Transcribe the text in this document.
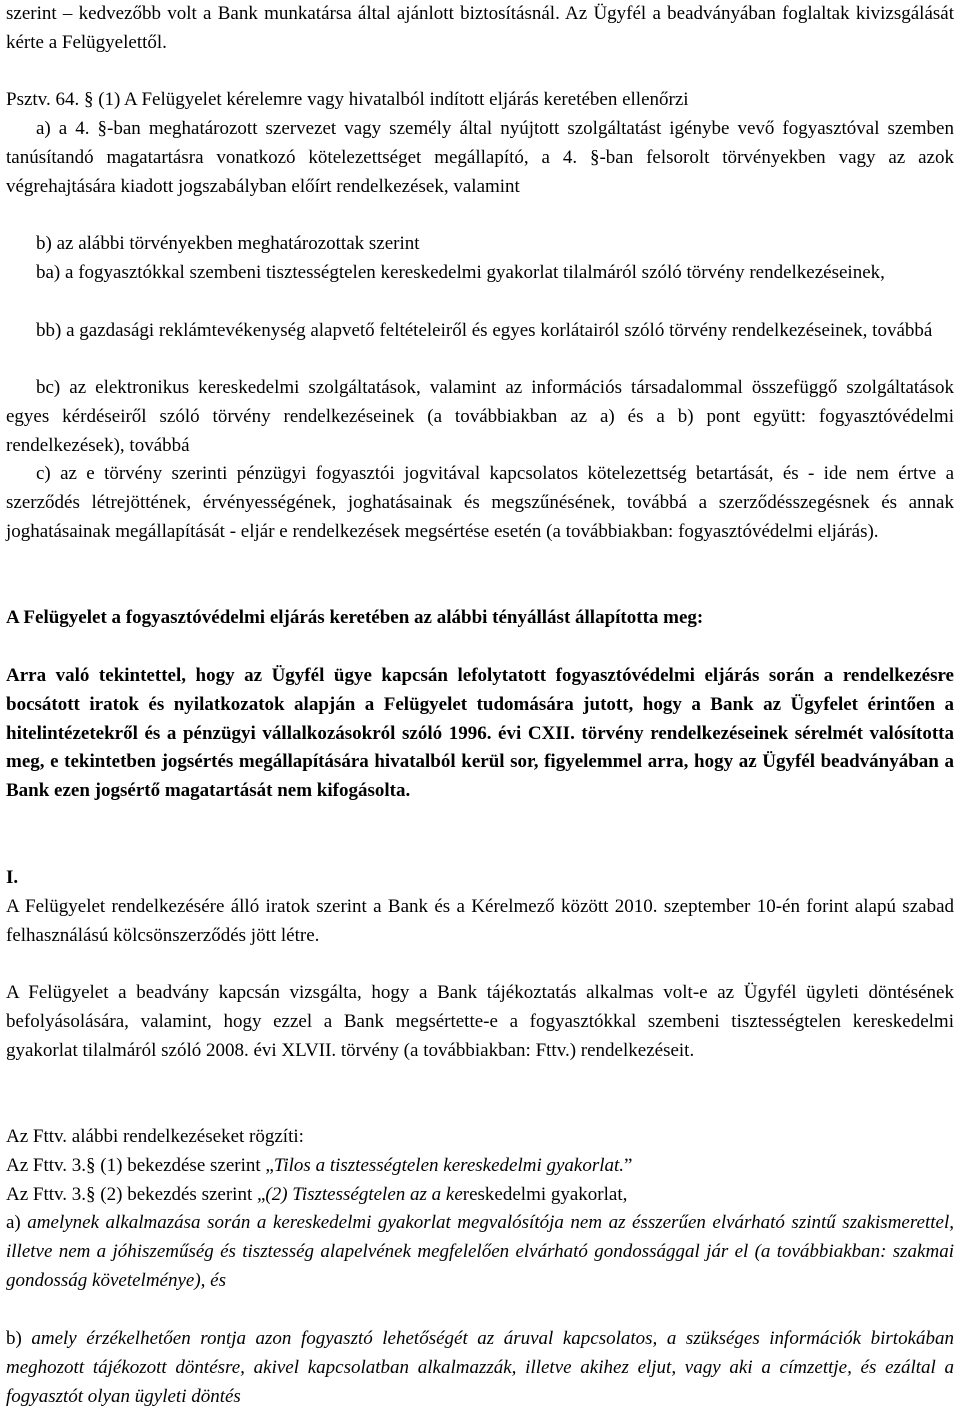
szerint – kedvezőbb volt a Bank munkatársa által ajánlott biztosításnál. Az Ügyfél a beadványában foglaltak kivizsgálását kérte a Felügyelettől.

Psztv. 64. § (1) A Felügyelet kérelemre vagy hivatalból indított eljárás keretében ellenőrzi

a) a 4. §-ban meghatározott szervezet vagy személy által nyújtott szolgáltatást igénybe vevő fogyasztóval szemben tanúsítandó magatartásra vonatkozó kötelezettséget megállapító, a 4. §-ban felsorolt törvényekben vagy az azok végrehajtására kiadott jogszabályban előírt rendelkezések, valamint

b) az alábbi törvényekben meghatározottak szerint

ba) a fogyasztókkal szembeni tisztességtelen kereskedelmi gyakorlat tilalmáról szóló törvény rendelkezéseinek,

bb) a gazdasági reklámtevékenység alapvető feltételeiről és egyes korlátairól szóló törvény rendelkezéseinek, továbbá

bc) az elektronikus kereskedelmi szolgáltatások, valamint az információs társadalommal összefüggő szolgáltatások egyes kérdéseiről szóló törvény rendelkezéseinek (a továbbiakban az a) és a b) pont együtt: fogyasztóvédelmi rendelkezések), továbbá

c) az e törvény szerinti pénzügyi fogyasztói jogvitával kapcsolatos kötelezettség betartását, és - ide nem értve a szerződés létrejöttének, érvényességének, joghatásainak és megszűnésének, továbbá a szerződésszegésnek és annak joghatásainak megállapítását - eljár e rendelkezések megsértése esetén (a továbbiakban: fogyasztóvédelmi eljárás).

A Felügyelet a fogyasztóvédelmi eljárás keretében az alábbi tényállást állapította meg:

Arra való tekintettel, hogy az Ügyfél ügye kapcsán lefolytatott fogyasztóvédelmi eljárás során a rendelkezésre bocsátott iratok és nyilatkozatok alapján a Felügyelet tudomására jutott, hogy a Bank az Ügyfelet érintően a hitelintézetekről és a pénzügyi vállalkozásokról szóló 1996. évi CXII. törvény rendelkezéseinek sérelmét valósította meg, e tekintetben jogsértés megállapítására hivatalból kerül sor, figyelemmel arra, hogy az Ügyfél beadványában a Bank ezen jogsértő magatartását nem kifogásolta.

I.

A Felügyelet rendelkezésére álló iratok szerint a Bank és a Kérelmező között 2010. szeptember 10-én forint alapú szabad felhasználású kölcsönszerződés jött létre.

A Felügyelet a beadvány kapcsán vizsgálta, hogy a Bank tájékoztatás alkalmas volt-e az Ügyfél ügyleti döntésének befolyásolására, valamint, hogy ezzel a Bank megsértette-e a fogyasztókkal szembeni tisztességtelen kereskedelmi gyakorlat tilalmáról szóló 2008. évi XLVII. törvény (a továbbiakban: Fttv.) rendelkezéseit.

Az Fttv. alábbi rendelkezéseket rögzíti:
Az Fttv. 3.§ (1) bekezdése szerint „Tilos a tisztességtelen kereskedelmi gyakorlat.”
Az Fttv. 3.§ (2) bekezdés szerint „(2) Tisztességtelen az a kereskedelmi gyakorlat,

a) amelynek alkalmazása során a kereskedelmi gyakorlat megvalósítója nem az ésszerűen elvárható szintű szakismerettel, illetve nem a jóhiszeműség és tisztesség alapelvének megfelelően elvárható gondossággal jár el (a továbbiakban: szakmai gondosság követelménye), és

b) amely érzékelhetően rontja azon fogyasztó lehetőségét az áruval kapcsolatos, a szükséges információk birtokában meghozott tájékozott döntésre, akivel kapcsolatban alkalmazzák, illetve akihez eljut, vagy aki a címzettje, és ezáltal a fogyasztót olyan ügyleti döntés
